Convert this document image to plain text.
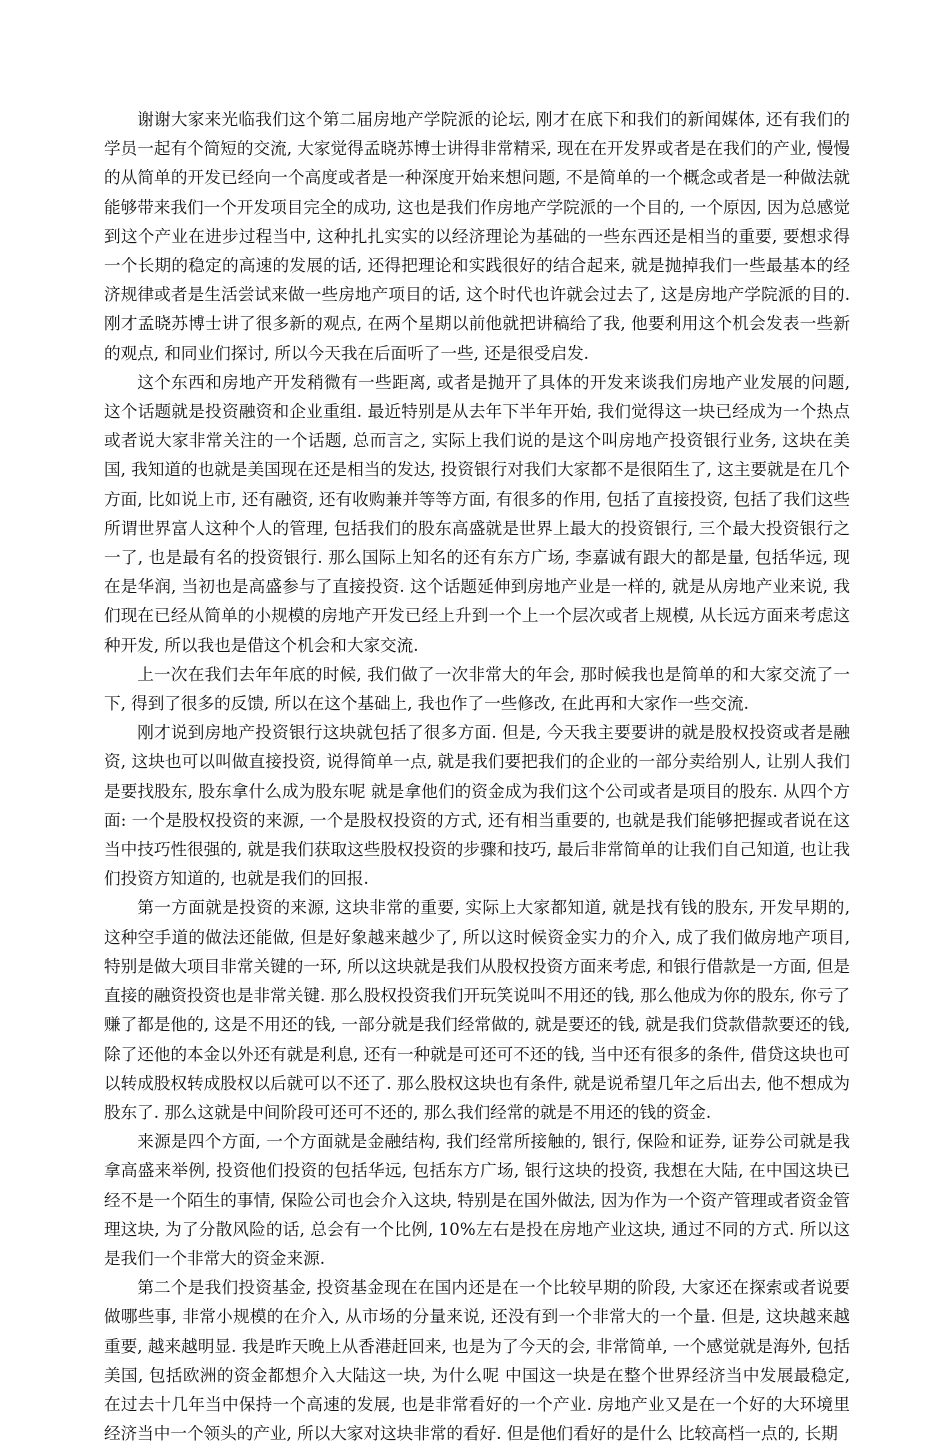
谢谢大家来光临我们这个第二届房地产学院派的论坛, 刚才在底下和我们的新闻媒体, 还有我们的学员一起有个简短的交流, 大家觉得孟晓苏博士讲得非常精采, 现在在开发界或者是在我们的产业, 慢慢的从简单的开发已经向一个高度或者是一种深度开始来想问题, 不是简单的一个概念或者是一种做法就能够带来我们一个开发项目完全的成功, 这也是我们作房地产学院派的一个目的, 一个原因, 因为总感觉到这个产业在进步过程当中, 这种扎扎实实的以经济理论为基础的一些东西还是相当的重要, 要想求得一个长期的稳定的高速的发展的话, 还得把理论和实践很好的结合起来, 就是抛掉我们一些最基本的经济规律或者是生活尝试来做一些房地产项目的话, 这个时代也许就会过去了, 这是房地产学院派的目的. 刚才孟晓苏博士讲了很多新的观点, 在两个星期以前他就把讲稿给了我, 他要利用这个机会发表一些新的观点, 和同业们探讨, 所以今天我在后面听了一些, 还是很受启发.

这个东西和房地产开发稍微有一些距离, 或者是抛开了具体的开发来谈我们房地产业发展的问题, 这个话题就是投资融资和企业重组. 最近特别是从去年下半年开始, 我们觉得这一块已经成为一个热点或者说大家非常关注的一个话题, 总而言之, 实际上我们说的是这个叫房地产投资银行业务, 这块在美国, 我知道的也就是美国现在还是相当的发达, 投资银行对我们大家都不是很陌生了, 这主要就是在几个方面, 比如说上市, 还有融资, 还有收购兼并等等方面, 有很多的作用, 包括了直接投资, 包括了我们这些所谓世界富人这种个人的管理, 包括我们的股东高盛就是世界上最大的投资银行, 三个最大投资银行之一了, 也是最有名的投资银行. 那么国际上知名的还有东方广场, 李嘉诚有跟大的都是量, 包括华远, 现在是华润, 当初也是高盛参与了直接投资. 这个话题延伸到房地产业是一样的, 就是从房地产业来说, 我们现在已经从简单的小规模的房地产开发已经上升到一个上一个层次或者上规模, 从长远方面来考虑这种开发, 所以我也是借这个机会和大家交流.

上一次在我们去年年底的时候, 我们做了一次非常大的年会, 那时候我也是简单的和大家交流了一下, 得到了很多的反馈, 所以在这个基础上, 我也作了一些修改, 在此再和大家作一些交流.

刚才说到房地产投资银行这块就包括了很多方面. 但是, 今天我主要要讲的就是股权投资或者是融资, 这块也可以叫做直接投资, 说得简单一点, 就是我们要把我们的企业的一部分卖给别人, 让别人我们是要找股东, 股东拿什么成为股东呢 就是拿他们的资金成为我们这个公司或者是项目的股东. 从四个方面: 一个是股权投资的来源, 一个是股权投资的方式, 还有相当重要的, 也就是我们能够把握或者说在这当中技巧性很强的, 就是我们获取这些股权投资的步骤和技巧, 最后非常简单的让我们自己知道, 也让我们投资方知道的, 也就是我们的回报.

第一方面就是投资的来源, 这块非常的重要, 实际上大家都知道, 就是找有钱的股东, 开发早期的, 这种空手道的做法还能做, 但是好象越来越少了, 所以这时候资金实力的介入, 成了我们做房地产项目, 特别是做大项目非常关键的一环, 所以这块就是我们从股权投资方面来考虑, 和银行借款是一方面, 但是直接的融资投资也是非常关键. 那么股权投资我们开玩笑说叫不用还的钱, 那么他成为你的股东, 你亏了赚了都是他的, 这是不用还的钱, 一部分就是我们经常做的, 就是要还的钱, 就是我们贷款借款要还的钱, 除了还他的本金以外还有就是利息, 还有一种就是可还可不还的钱, 当中还有很多的条件, 借贷这块也可以转成股权转成股权以后就可以不还了. 那么股权这块也有条件, 就是说希望几年之后出去, 他不想成为股东了. 那么这就是中间阶段可还可不还的, 那么我们经常的就是不用还的钱的资金.

来源是四个方面, 一个方面就是金融结构, 我们经常所接触的, 银行, 保险和证券, 证券公司就是我拿高盛来举例, 投资他们投资的包括华远, 包括东方广场, 银行这块的投资, 我想在大陆, 在中国这块已经不是一个陌生的事情, 保险公司也会介入这块, 特别是在国外做法, 因为作为一个资产管理或者资金管理这块, 为了分散风险的话, 总会有一个比例, 10%左右是投在房地产业这块, 通过不同的方式. 所以这是我们一个非常大的资金来源.

第二个是我们投资基金, 投资基金现在在国内还是在一个比较早期的阶段, 大家还在探索或者说要做哪些事, 非常小规模的在介入, 从市场的分量来说, 还没有到一个非常大的一个量. 但是, 这块越来越重要, 越来越明显. 我是昨天晚上从香港赶回来, 也是为了今天的会, 非常简单, 一个感觉就是海外, 包括美国, 包括欧洲的资金都想介入大陆这一块, 为什么呢 中国这一块是在整个世界经济当中发展最稳定, 在过去十几年当中保持一个高速的发展, 也是非常看好的一个产业. 房地产业又是在一个好的大环境里经济当中一个领头的产业, 所以大家对这块非常的看好. 但是他们看好的是什么 比较高档一点的, 长期
